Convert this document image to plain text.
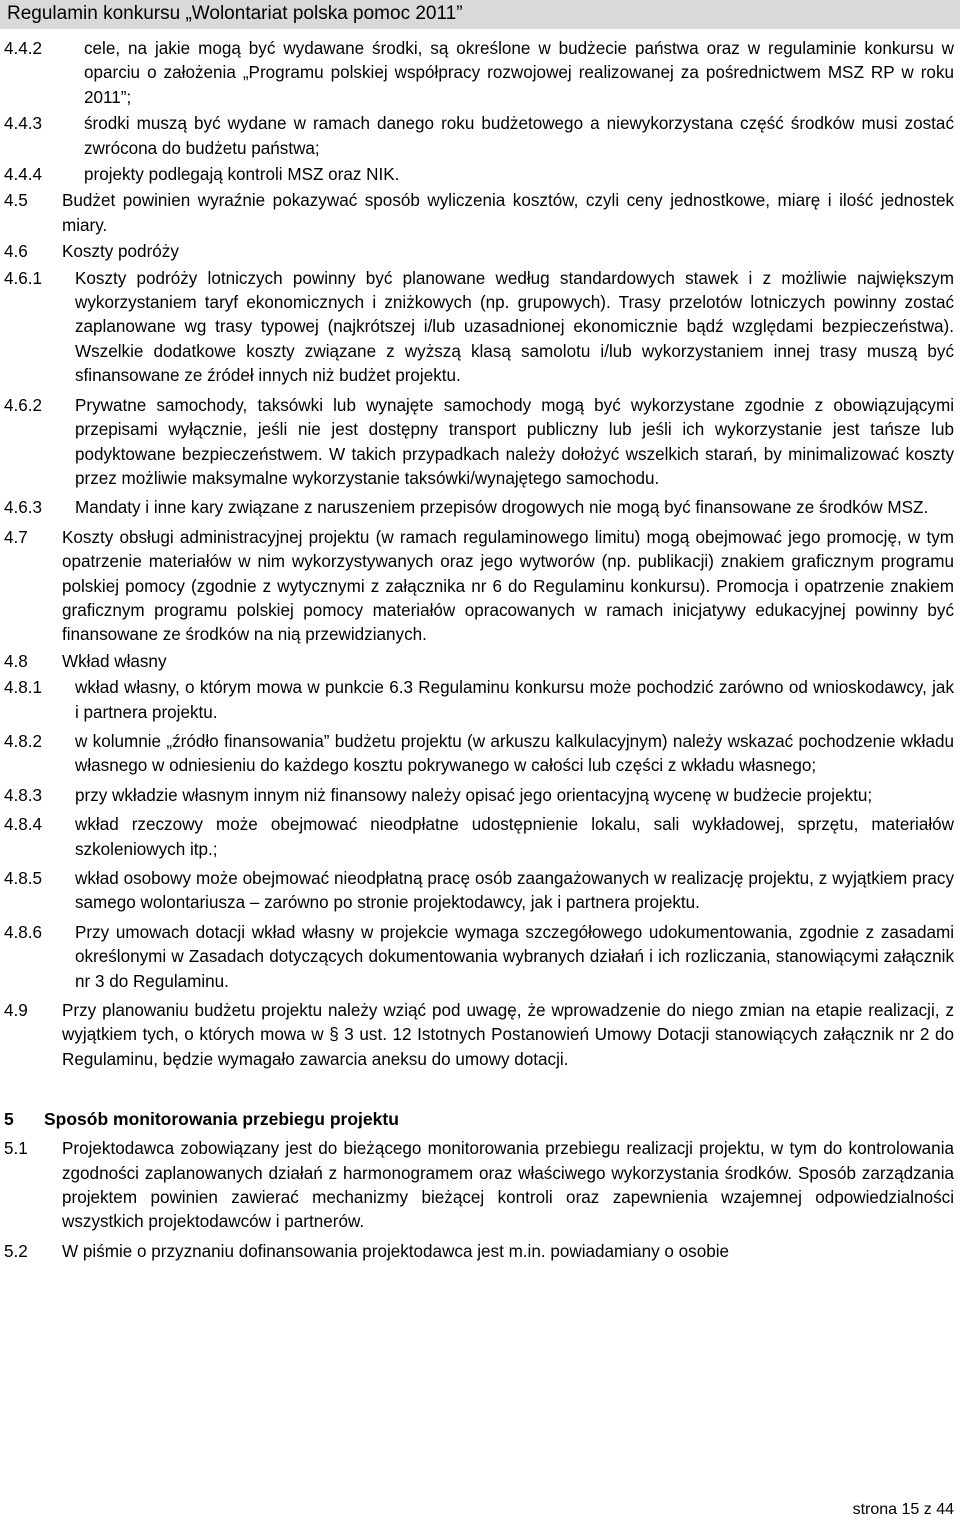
Regulamin konkursu „Wolontariat polska pomoc 2011”
4.4.2 cele, na jakie mogą być wydawane środki, są określone w budżecie państwa oraz w regulaminie konkursu w oparciu o założenia „Programu polskiej współpracy rozwojowej realizowanej za pośrednictwem MSZ RP w roku 2011”;
4.4.3 środki muszą być wydane w ramach danego roku budżetowego a niewykorzystana część środków musi zostać zwrócona do budżetu państwa;
4.4.4 projekty podlegają kontroli MSZ oraz NIK.
4.5 Budżet powinien wyraźnie pokazywać sposób wyliczenia kosztów, czyli ceny jednostkowe, miarę i ilość jednostek miary.
4.6 Koszty podróży
4.6.1 Koszty podróży lotniczych powinny być planowane według standardowych stawek i z możliwie największym wykorzystaniem taryf ekonomicznych i zniżkowych (np. grupowych). Trasy przelotów lotniczych powinny zostać zaplanowane wg trasy typowej (najkrótszej i/lub uzasadnionej ekonomicznie bądź względami bezpieczeństwa). Wszelkie dodatkowe koszty związane z wyższą klasą samolotu i/lub wykorzystaniem innej trasy muszą być sfinansowane ze źródeł innych niż budżet projektu.
4.6.2 Prywatne samochody, taksówki lub wynajęte samochody mogą być wykorzystane zgodnie z obowiązującymi przepisami wyłącznie, jeśli nie jest dostępny transport publiczny lub jeśli ich wykorzystanie jest tańsze lub podyktowane bezpieczeństwem. W takich przypadkach należy dołożyć wszelkich starań, by minimalizować koszty przez możliwie maksymalne wykorzystanie taksówki/wynajętego samochodu.
4.6.3 Mandaty i inne kary związane z naruszeniem przepisów drogowych nie mogą być finansowane ze środków MSZ.
4.7 Koszty obsługi administracyjnej projektu (w ramach regulaminowego limitu) mogą obejmować jego promocję, w tym opatrzenie materiałów w nim wykorzystywanych oraz jego wytworów (np. publikacji) znakiem graficznym programu polskiej pomocy (zgodnie z wytycznymi z załącznika nr 6 do Regulaminu konkursu). Promocja i opatrzenie znakiem graficznym programu polskiej pomocy materiałów opracowanych w ramach inicjatywy edukacyjnej powinny być finansowane ze środków na nią przewidzianych.
4.8 Wkład własny
4.8.1 wkład własny, o którym mowa w punkcie 6.3 Regulaminu konkursu może pochodzić zarówno od wnioskodawcy, jak i partnera projektu.
4.8.2 w kolumnie „źródło finansowania” budżetu projektu (w arkuszu kalkulacyjnym) należy wskazać pochodzenie wkładu własnego w odniesieniu do każdego kosztu pokrywanego w całości lub części z wkładu własnego;
4.8.3 przy wkładzie własnym innym niż finansowy należy opisać jego orientacyjną wycenę w budżecie projektu;
4.8.4 wkład rzeczowy może obejmować nieodpłatne udostępnienie lokalu, sali wykładowej, sprzętu, materiałów szkoleniowych itp.;
4.8.5 wkład osobowy może obejmować nieodpłatną pracę osób zaangażowanych w realizację projektu, z wyjątkiem pracy samego wolontariusza – zarówno po stronie projektodawcy, jak i partnera projektu.
4.8.6 Przy umowach dotacji wkład własny w projekcie wymaga szczegółowego udokumentowania, zgodnie z zasadami określonymi w Zasadach dotyczących dokumentowania wybranych działań i ich rozliczania, stanowiącymi załącznik nr 3 do Regulaminu.
4.9 Przy planowaniu budżetu projektu należy wziąć pod uwagę, że wprowadzenie do niego zmian na etapie realizacji, z wyjątkiem tych, o których mowa w § 3 ust. 12 Istotnych Postanowień Umowy Dotacji stanowiących załącznik nr 2 do Regulaminu, będzie wymagało zawarcia aneksu do umowy dotacji.
5 Sposób monitorowania przebiegu projektu
5.1 Projektodawca zobowiązany jest do bieżącego monitorowania przebiegu realizacji projektu, w tym do kontrolowania zgodności zaplanowanych działań z harmonogramem oraz właściwego wykorzystania środków. Sposób zarządzania projektem powinien zawierać mechanizmy bieżącej kontroli oraz zapewnienia wzajemnej odpowiedzialności wszystkich projektodawców i partnerów.
5.2 W piśmie o przyznaniu dofinansowania projektodawca jest m.in. powiadamiany o osobie
strona 15 z 44
